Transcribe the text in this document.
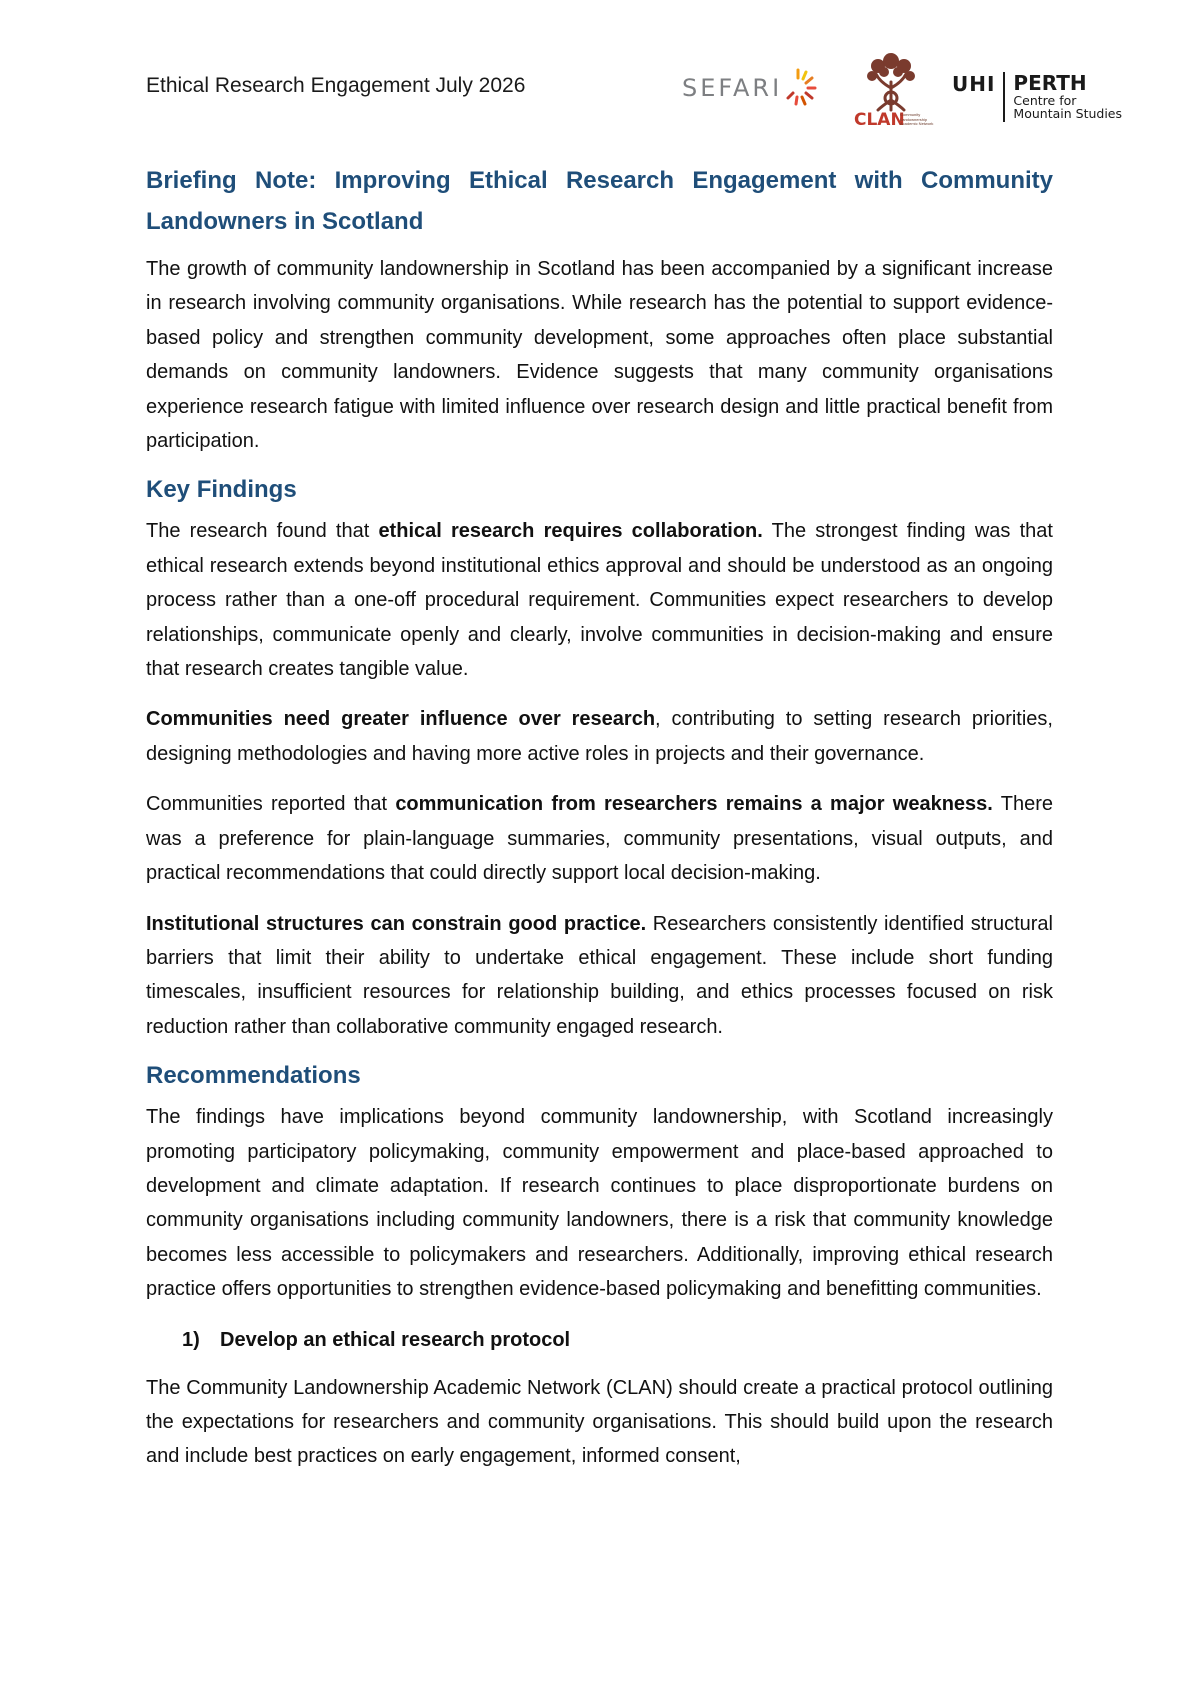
Ethical Research Engagement July 2026	SEFARI
CLAN
Community Landownership Academic Network
UHI PERTH
Centre for
Mountain Studies
Briefing Note: Improving Ethical Research Engagement with Community Landowners in Scotland

The growth of community landownership in Scotland has been accompanied by a significant increase in research involving community organisations. While research has the potential to support evidence-based policy and strengthen community development, some approaches often place substantial demands on community landowners. Evidence suggests that many community organisations experience research fatigue with limited influence over research design and little practical benefit from participation.

Key Findings

The research found that ethical research requires collaboration. The strongest finding was that ethical research extends beyond institutional ethics approval and should be understood as an ongoing process rather than a one-off procedural requirement. Communities expect researchers to develop relationships, communicate openly and clearly, involve communities in decision-making and ensure that research creates tangible value.

Communities need greater influence over research, contributing to setting research priorities, designing methodologies and having more active roles in projects and their governance.

Communities reported that communication from researchers remains a major weakness. There was a preference for plain-language summaries, community presentations, visual outputs, and practical recommendations that could directly support local decision-making.

Institutional structures can constrain good practice. Researchers consistently identified structural barriers that limit their ability to undertake ethical engagement. These include short funding timescales, insufficient resources for relationship building, and ethics processes focused on risk reduction rather than collaborative community engaged research.

Recommendations

The findings have implications beyond community landownership, with Scotland increasingly promoting participatory policymaking, community empowerment and place-based approached to development and climate adaptation. If research continues to place disproportionate burdens on community organisations including community landowners, there is a risk that community knowledge becomes less accessible to policymakers and researchers. Additionally, improving ethical research practice offers opportunities to strengthen evidence-based policymaking and benefitting communities.

1) Develop an ethical research protocol

The Community Landownership Academic Network (CLAN) should create a practical protocol outlining the expectations for researchers and community organisations. This should build upon the research and include best practices on early engagement, informed consent,
